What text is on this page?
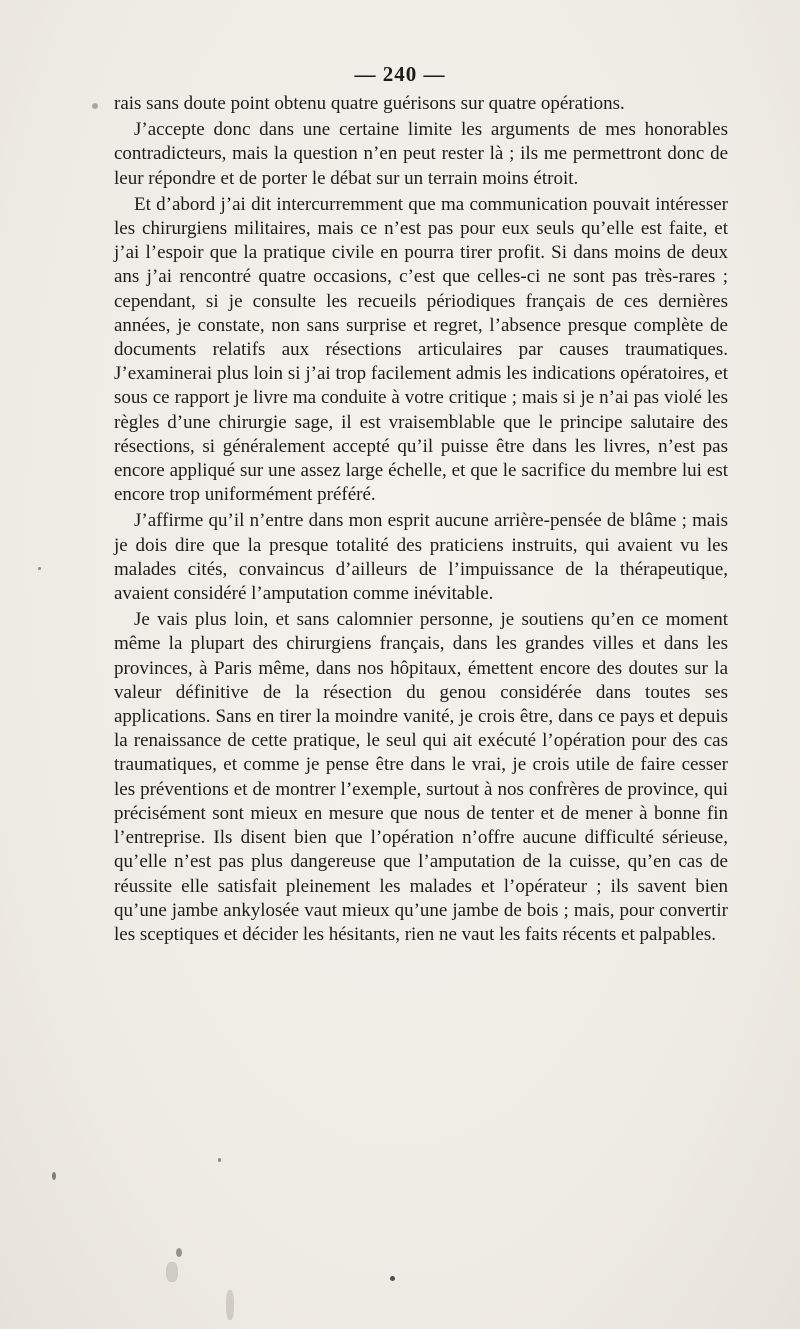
— 240 —

rais sans doute point obtenu quatre guérisons sur quatre opérations.

J’accepte donc dans une certaine limite les arguments de mes honorables contradicteurs, mais la question n’en peut rester là ; ils me permettront donc de leur répondre et de porter le débat sur un terrain moins étroit.

Et d’abord j’ai dit intercurremment que ma communication pouvait intéresser les chirurgiens militaires, mais ce n’est pas pour eux seuls qu’elle est faite, et j’ai l’espoir que la pratique civile en pourra tirer profit. Si dans moins de deux ans j’ai rencontré quatre occasions, c’est que celles-ci ne sont pas très-rares ; cependant, si je consulte les recueils périodiques français de ces dernières années, je constate, non sans surprise et regret, l’absence presque complète de documents relatifs aux résections articulaires par causes traumatiques. J’examinerai plus loin si j’ai trop facilement admis les indications opératoires, et sous ce rapport je livre ma conduite à votre critique ; mais si je n’ai pas violé les règles d’une chirurgie sage, il est vraisemblable que le principe salutaire des résections, si généralement accepté qu’il puisse être dans les livres, n’est pas encore appliqué sur une assez large échelle, et que le sacrifice du membre lui est encore trop uniformément préféré.

J’affirme qu’il n’entre dans mon esprit aucune arrière-pensée de blâme ; mais je dois dire que la presque totalité des praticiens instruits, qui avaient vu les malades cités, convaincus d’ailleurs de l’impuissance de la thérapeutique, avaient considéré l’amputation comme inévitable.

Je vais plus loin, et sans calomnier personne, je soutiens qu’en ce moment même la plupart des chirurgiens français, dans les grandes villes et dans les provinces, à Paris même, dans nos hôpitaux, émettent encore des doutes sur la valeur définitive de la résection du genou considérée dans toutes ses applications. Sans en tirer la moindre vanité, je crois être, dans ce pays et depuis la renaissance de cette pratique, le seul qui ait exécuté l’opération pour des cas traumatiques, et comme je pense être dans le vrai, je crois utile de faire cesser les préventions et de montrer l’exemple, surtout à nos confrères de province, qui précisément sont mieux en mesure que nous de tenter et de mener à bonne fin l’entreprise. Ils disent bien que l’opération n’offre aucune difficulté sérieuse, qu’elle n’est pas plus dangereuse que l’amputation de la cuisse, qu’en cas de réussite elle satisfait pleinement les malades et l’opérateur ; ils savent bien qu’une jambe ankylosée vaut mieux qu’une jambe de bois ; mais, pour convertir les sceptiques et décider les hésitants, rien ne vaut les faits récents et palpables.
